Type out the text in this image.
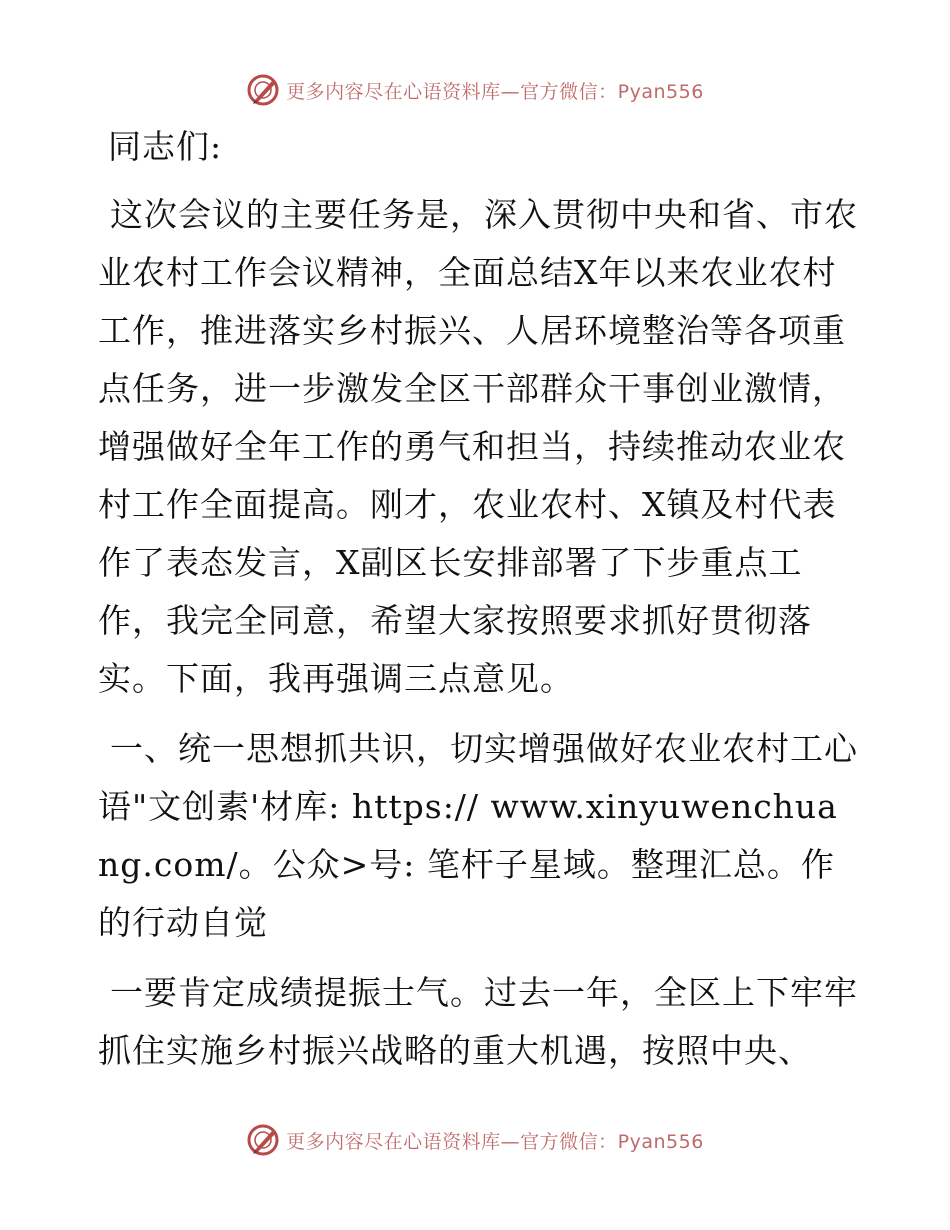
更多内容尽在心语资料库—官方微信：Pyan556

同志们:

这次会议的主要任务是，深入贯彻中央和省、市农业农村工作会议精神，全面总结X年以来农业农村工作，推进落实乡村振兴、人居环境整治等各项重点任务，进一步激发全区干部群众干事创业激情，增强做好全年工作的勇气和担当，持续推动农业农村工作全面提高。刚才，农业农村、X镇及村代表作了表态发言，X副区长安排部署了下步重点工作，我完全同意，希望大家按照要求抓好贯彻落实。下面，我再强调三点意见。

一、统一思想抓共识，切实增强做好农业农村工心语"文创素'材库: https:// www.xinyuwenchuang.com/。公众>号: 笔杆子星域。整理汇总。作的行动自觉

一要肯定成绩提振士气。过去一年，全区上下牢牢抓住实施乡村振兴战略的重大机遇，按照中央、

更多内容尽在心语资料库—官方微信：Pyan556
